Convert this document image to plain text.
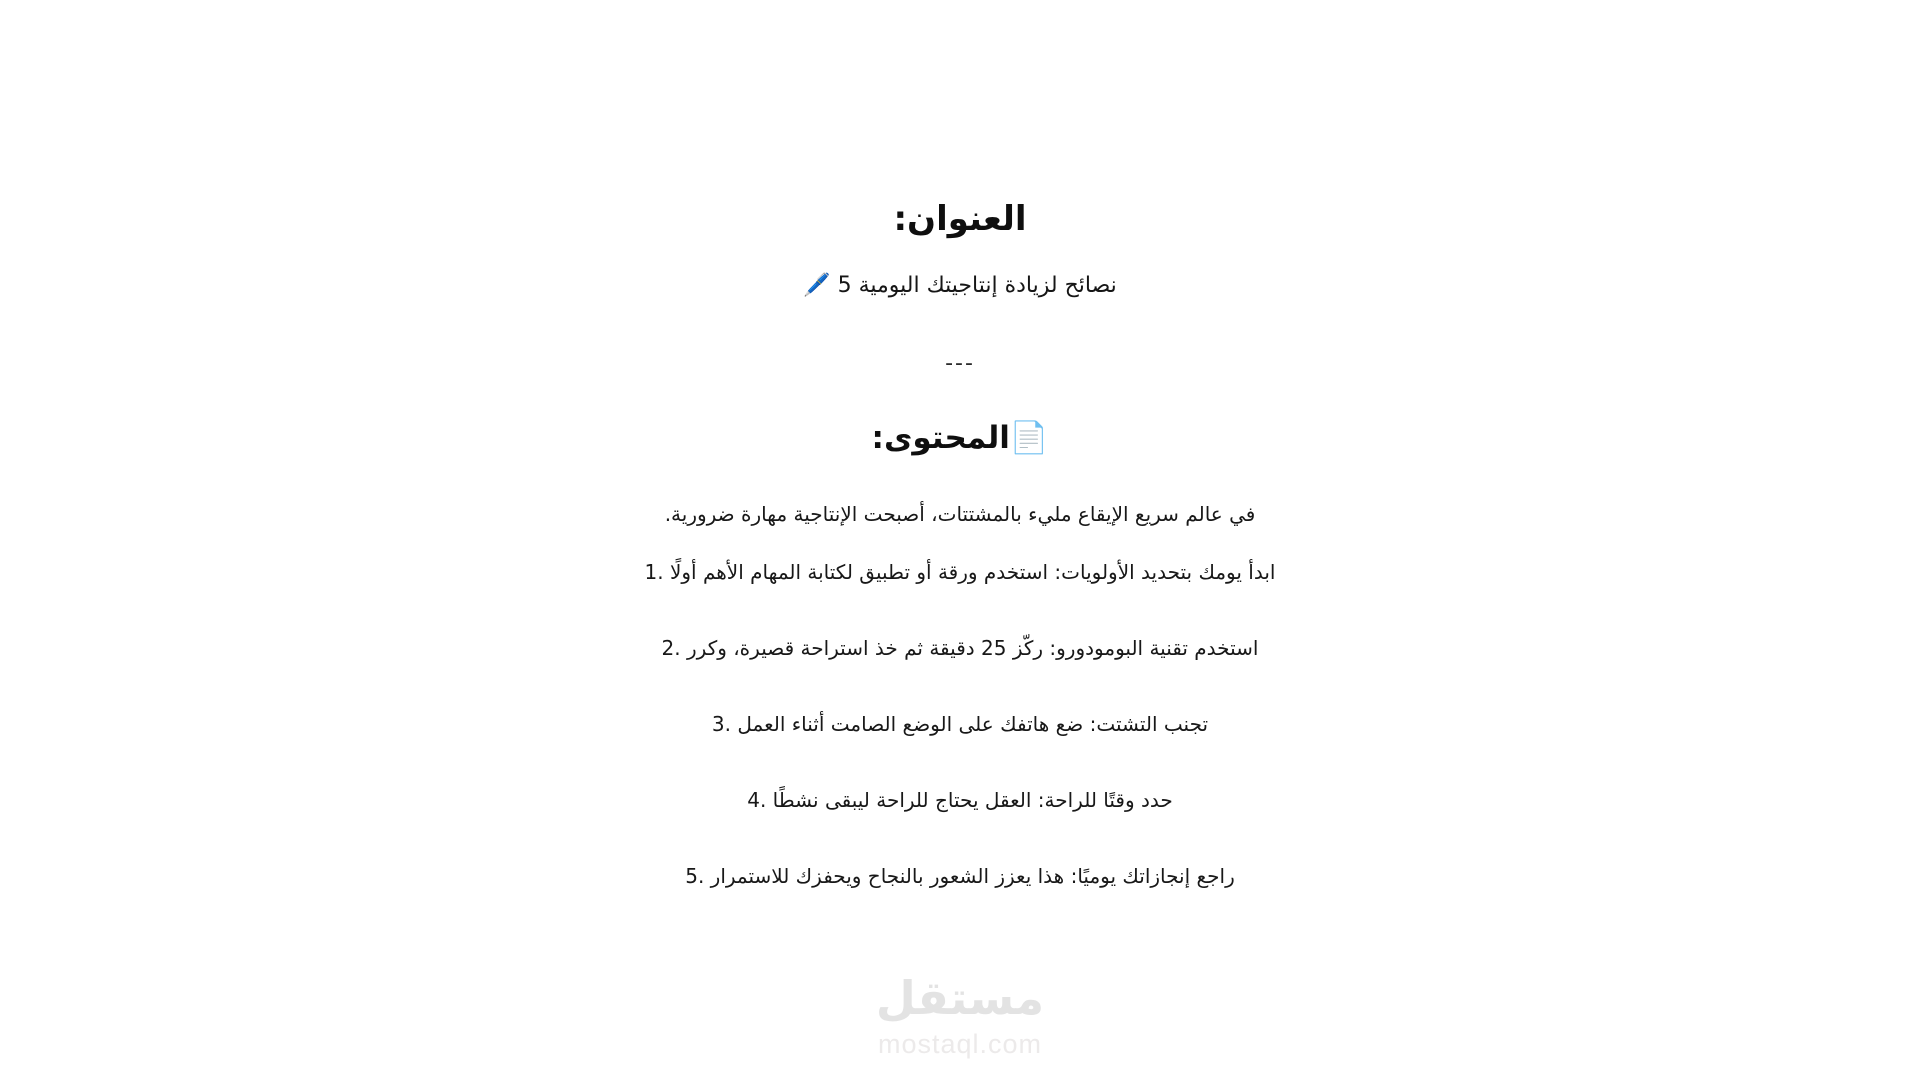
العنوان:
نصائح لزيادة إنتاجيتك اليومية 5 🖊️
---
📄المحتوى:

في عالم سريع الإيقاع مليء بالمشتتات، أصبحت الإنتاجية مهارة ضرورية.

ابدأ يومك بتحديد الأولويات: استخدم ورقة أو تطبيق لكتابة المهام الأهم أولًا .1

استخدم تقنية البومودورو: ركّز 25 دقيقة ثم خذ استراحة قصيرة، وكرر .2

تجنب التشتت: ضع هاتفك على الوضع الصامت أثناء العمل .3

حدد وقتًا للراحة: العقل يحتاج للراحة ليبقى نشطًا .4

راجع إنجازاتك يوميًا: هذا يعزز الشعور بالنجاح ويحفزك للاستمرار .5

مستقل
mostaql.com
